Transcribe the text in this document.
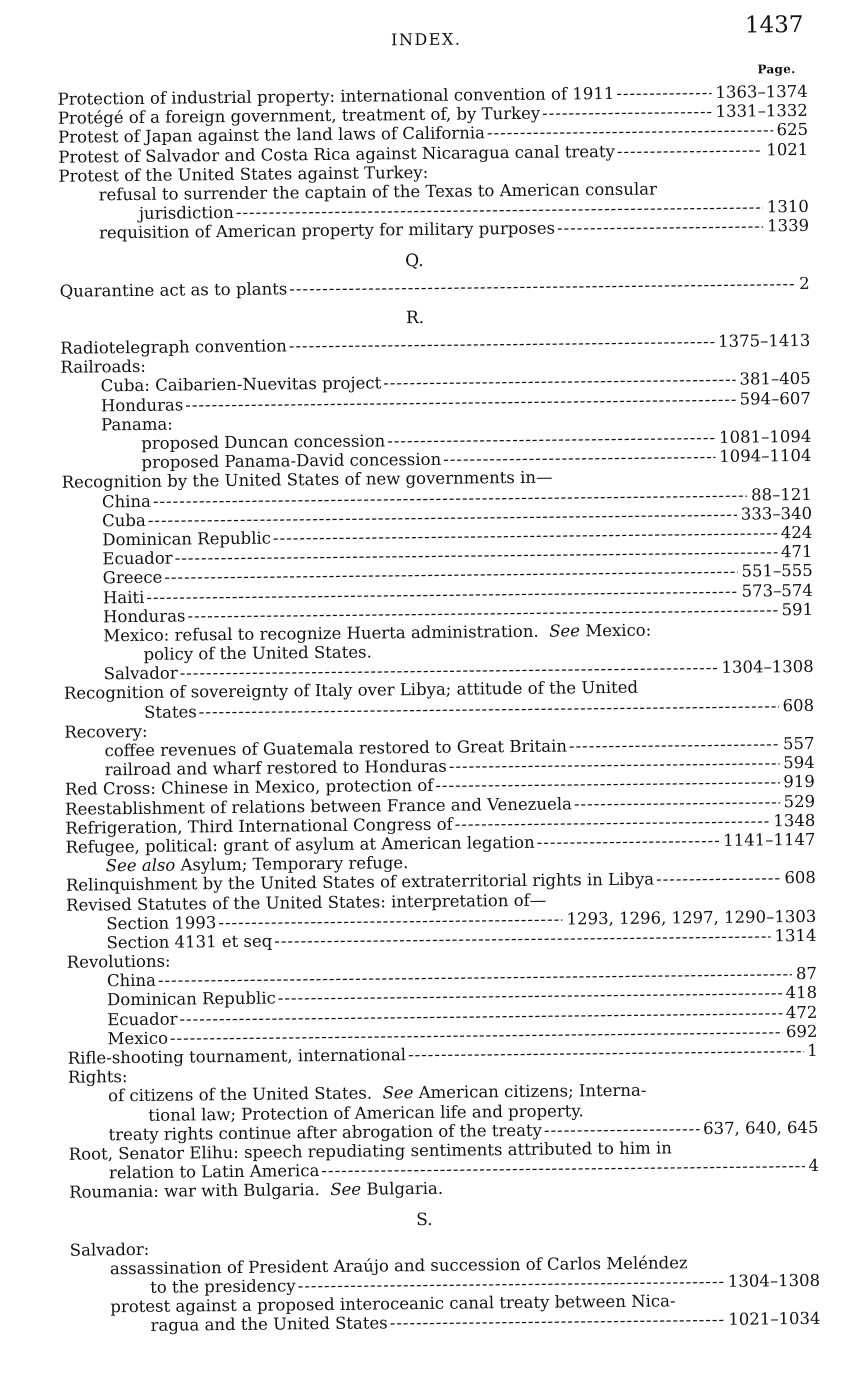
INDEX.
1437
Page.
Protection of industrial property: international convention of 1911 -----	1363–1374
Protégé of a foreign government, treatment of, by Turkey -----	1331–1332
Protest of Japan against the land laws of California -----	625
Protest of Salvador and Costa Rica against Nicaragua canal treaty -----	1021
Protest of the United States against Turkey:
refusal to surrender the captain of the Texas to American consular
jurisdiction -----	1310
requisition of American property for military purposes -----	1339
Q.
Quarantine act as to plants -----	2
R.
Radiotelegraph convention -----	1375–1413
Railroads:
Cuba: Caibarien-Nuevitas project -----	381–405
Honduras -----	594–607
Panama:
proposed Duncan concession -----	1081–1094
proposed Panama-David concession -----	1094–1104
Recognition by the United States of new governments in—
China -----	88–121
Cuba -----	333–340
Dominican Republic -----	424
Ecuador -----	471
Greece -----	551–555
Haiti -----	573–574
Honduras -----	591
Mexico: refusal to recognize Huerta administration.
See
Mexico:
policy of the United States.
Salvador -----	1304–1308
Recognition of sovereignty of Italy over Libya; attitude of the United
States -----	608
Recovery:
coffee revenues of Guatemala restored to Great Britain -----	557
railroad and wharf restored to Honduras -----	594
Red Cross: Chinese in Mexico, protection of -----	919
Reestablishment of relations between France and Venezuela -----	529
Refrigeration, Third International Congress of -----	1348
Refugee, political: grant of asylum at American legation -----	1141–1147
See also
Asylum; Temporary refuge.
Relinquishment by the United States of extraterritorial rights in Libya -----	608
Revised Statutes of the United States: interpretation of—
Section 1993 -----	1293, 1296, 1297, 1290–1303
Section 4131 et seq -----	1314
Revolutions:
China -----	87
Dominican Republic -----	418
Ecuador -----	472
Mexico -----	692
Rifle-shooting tournament, international -----	1
Rights:
of citizens of the United States.
See
American citizens; Interna-
tional law; Protection of American life and property.
treaty rights continue after abrogation of the treaty -----	637, 640, 645
Root, Senator Elihu: speech repudiating sentiments attributed to him in
relation to Latin America -----	4
Roumania: war with Bulgaria.
See
Bulgaria.
S.
Salvador:
assassination of President Araújo and succession of Carlos Meléndez
to the presidency -----	1304–1308
protest against a proposed interoceanic canal treaty between Nica-
ragua and the United States -----	1021–1034
